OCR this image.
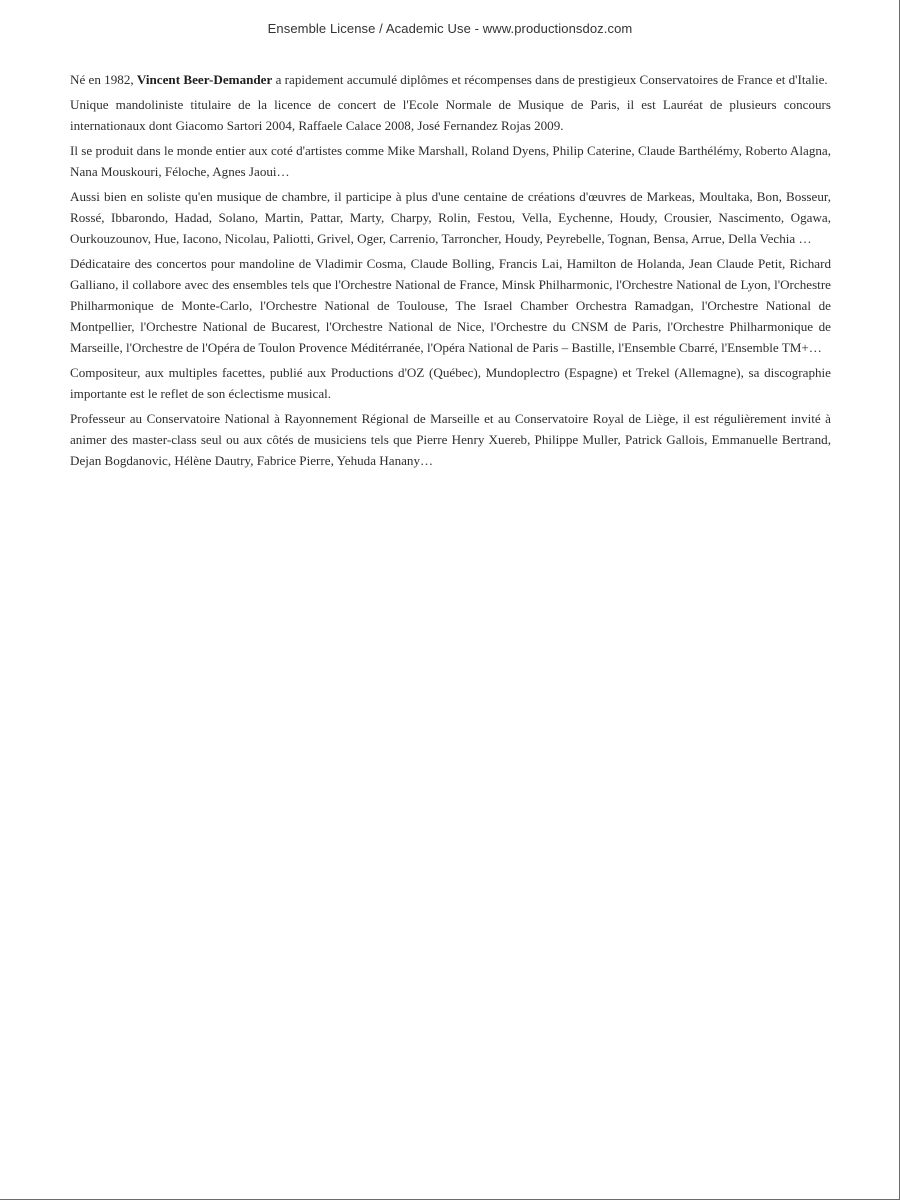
Ensemble License / Academic Use - www.productionsdoz.com

Né en 1982, Vincent Beer-Demander a rapidement accumulé diplômes et récompenses dans de prestigieux Conservatoires de France et d'Italie.

Unique mandoliniste titulaire de la licence de concert de l'Ecole Normale de Musique de Paris, il est Lauréat de plusieurs concours internationaux dont Giacomo Sartori 2004, Raffaele Calace 2008, José Fernandez Rojas 2009.

Il se produit dans le monde entier aux coté d'artistes comme Mike Marshall, Roland Dyens, Philip Caterine, Claude Barthélémy, Roberto Alagna, Nana Mouskouri, Féloche, Agnes Jaoui…

Aussi bien en soliste qu'en musique de chambre, il participe à plus d'une centaine de créations d'œuvres de Markeas, Moultaka, Bon, Bosseur, Rossé, Ibbarondo, Hadad, Solano, Martin, Pattar, Marty, Charpy, Rolin, Festou, Vella, Eychenne, Houdy, Crousier, Nascimento, Ogawa, Ourkouzounov, Hue, Iacono, Nicolau, Paliotti, Grivel, Oger, Carrenio, Tarroncher, Houdy, Peyrebelle, Tognan, Bensa, Arrue, Della Vechia …

Dédicataire des concertos pour mandoline de Vladimir Cosma, Claude Bolling, Francis Lai, Hamilton de Holanda, Jean Claude Petit, Richard Galliano, il collabore avec des ensembles tels que l'Orchestre National de France, Minsk Philharmonic, l'Orchestre National de Lyon, l'Orchestre Philharmonique de Monte-Carlo, l'Orchestre National de Toulouse, The Israel Chamber Orchestra Ramadgan, l'Orchestre National de Montpellier, l'Orchestre National de Bucarest, l'Orchestre National de Nice, l'Orchestre du CNSM de Paris, l'Orchestre Philharmonique de Marseille, l'Orchestre de l'Opéra de Toulon Provence Méditérranée, l'Opéra National de Paris – Bastille, l'Ensemble Cbarré, l'Ensemble TM+…

Compositeur, aux multiples facettes, publié aux Productions d'OZ (Québec), Mundoplectro (Espagne) et Trekel (Allemagne), sa discographie importante est le reflet de son éclectisme musical.

Professeur au Conservatoire National à Rayonnement Régional de Marseille et au Conservatoire Royal de Liège, il est régulièrement invité à animer des master-class seul ou aux côtés de musiciens tels que Pierre Henry Xuereb, Philippe Muller, Patrick Gallois, Emmanuelle Bertrand, Dejan Bogdanovic, Hélène Dautry, Fabrice Pierre, Yehuda Hanany…
